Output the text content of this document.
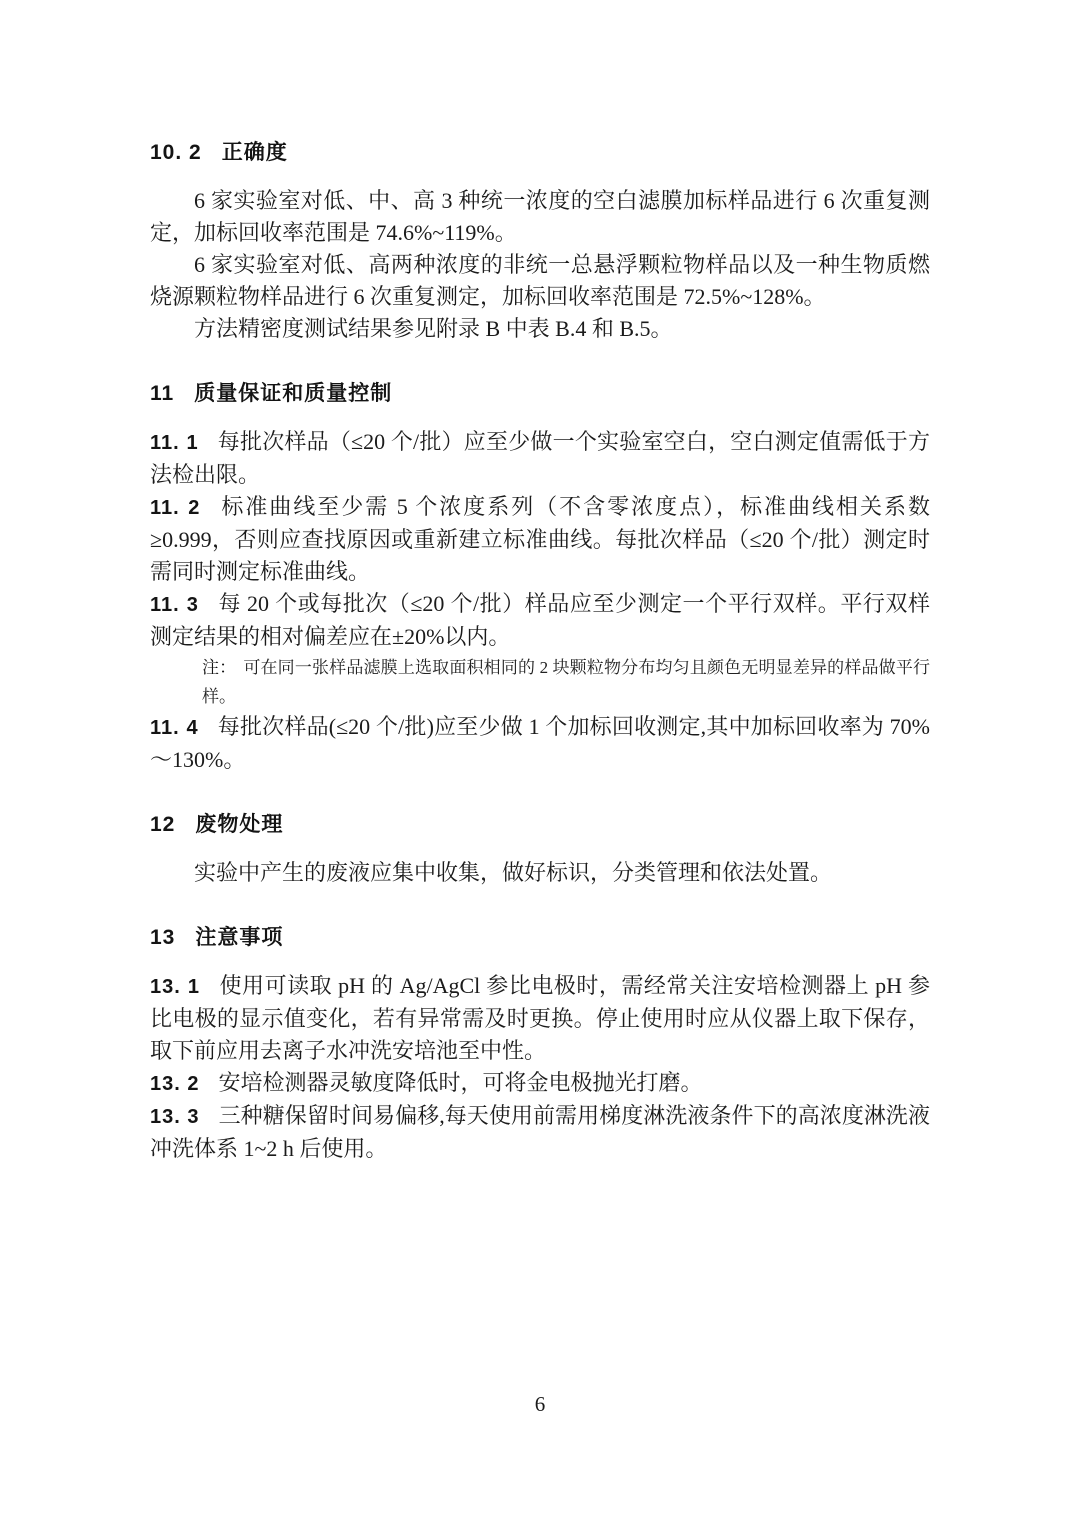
10. 2 正确度

6 家实验室对低、中、高 3 种统一浓度的空白滤膜加标样品进行 6 次重复测定，加标回收率范围是 74.6%~119%。

6 家实验室对低、高两种浓度的非统一总悬浮颗粒物样品以及一种生物质燃烧源颗粒物样品进行 6 次重复测定，加标回收率范围是 72.5%~128%。

方法精密度测试结果参见附录 B 中表 B.4 和 B.5。

11 质量保证和质量控制

11. 1 每批次样品（≤20 个/批）应至少做一个实验室空白，空白测定值需低于方法检出限。

11. 2 标准曲线至少需 5 个浓度系列（不含零浓度点），标准曲线相关系数≥0.999，否则应查找原因或重新建立标准曲线。每批次样品（≤20 个/批）测定时需同时测定标准曲线。

11. 3 每 20 个或每批次（≤20 个/批）样品应至少测定一个平行双样。平行双样测定结果的相对偏差应在±20%以内。

注： 可在同一张样品滤膜上选取面积相同的 2 块颗粒物分布均匀且颜色无明显差异的样品做平行样。

11. 4 每批次样品(≤20 个/批)应至少做 1 个加标回收测定,其中加标回收率为 70%～130%。

12 废物处理

实验中产生的废液应集中收集，做好标识，分类管理和依法处置。

13 注意事项

13. 1 使用可读取 pH 的 Ag/AgCl 参比电极时，需经常关注安培检测器上 pH 参比电极的显示值变化，若有异常需及时更换。停止使用时应从仪器上取下保存，取下前应用去离子水冲洗安培池至中性。

13. 2 安培检测器灵敏度降低时，可将金电极抛光打磨。

13. 3 三种糖保留时间易偏移,每天使用前需用梯度淋洗液条件下的高浓度淋洗液冲洗体系 1~2 h 后使用。

6
